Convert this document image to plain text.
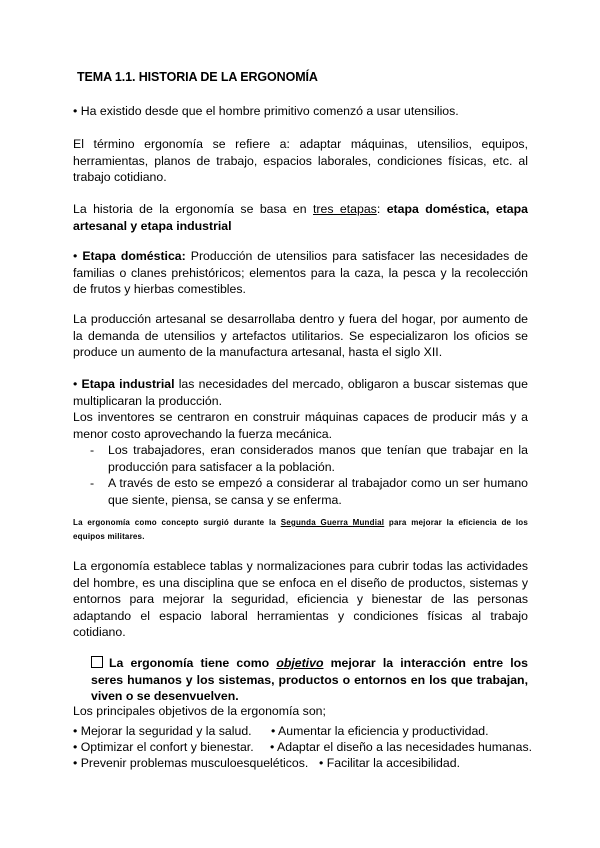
TEMA 1.1. HISTORIA DE LA ERGONOMÍA
• Ha existido desde que el hombre primitivo comenzó a usar utensilios.
El término ergonomía se refiere a: adaptar máquinas, utensilios, equipos, herramientas, planos de trabajo, espacios laborales, condiciones físicas, etc. al trabajo cotidiano.
La historia de la ergonomía se basa en tres etapas: etapa doméstica, etapa artesanal y etapa industrial
• Etapa doméstica: Producción de utensilios para satisfacer las necesidades de familias o clanes prehistóricos; elementos para la caza, la pesca y la recolección de frutos y hierbas comestibles.
La producción artesanal se desarrollaba dentro y fuera del hogar, por aumento de la demanda de utensilios y artefactos utilitarios. Se especializaron los oficios se produce un aumento de la manufactura artesanal, hasta el siglo XII.
• Etapa industrial las necesidades del mercado, obligaron a buscar sistemas que multiplicaran la producción.
Los inventores se centraron en construir máquinas capaces de producir más y a menor costo aprovechando la fuerza mecánica.
-	Los trabajadores, eran considerados manos que tenían que trabajar en la producción para satisfacer a la población.
-	A través de esto se empezó a considerar al trabajador como un ser humano que siente, piensa, se cansa y se enferma.
La ergonomía como concepto surgió durante la Segunda Guerra Mundial para mejorar la eficiencia de los equipos militares.
La ergonomía establece tablas y normalizaciones para cubrir todas las actividades del hombre, es una disciplina que se enfoca en el diseño de productos, sistemas y entornos para mejorar la seguridad, eficiencia y bienestar de las personas adaptando el espacio laboral herramientas y condiciones físicas al trabajo cotidiano.
La ergonomía tiene como objetivo mejorar la interacción entre los seres humanos y los sistemas, productos o entornos en los que trabajan, viven o se desenvuelven.
Los principales objetivos de la ergonomía son;
• Mejorar la seguridad y la salud. • Aumentar la eficiencia y productividad.
• Optimizar el confort y bienestar. • Adaptar el diseño a las necesidades humanas.
• Prevenir problemas musculoesqueléticos. • Facilitar la accesibilidad.
